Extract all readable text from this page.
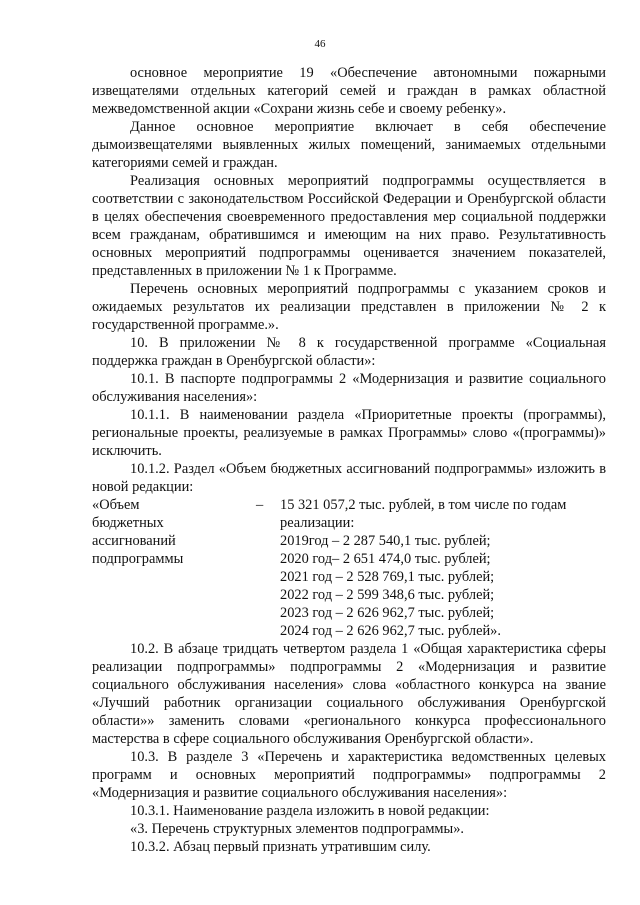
46

основное мероприятие 19 «Обеспечение автономными пожарными извещателями отдельных категорий семей и граждан в рамках областной межведомственной акции «Сохрани жизнь себе и своему ребенку».

Данное основное мероприятие включает в себя обеспечение дымоизвещателями выявленных жилых помещений, занимаемых отдельными категориями семей и граждан.

Реализация основных мероприятий подпрограммы осуществляется в соответствии с законодательством Российской Федерации и Оренбургской области в целях обеспечения своевременного предоставления мер социальной поддержки всем гражданам, обратившимся и имеющим на них право. Результативность основных мероприятий подпрограммы оценивается значением показателей, представленных в приложении № 1 к Программе.

Перечень основных мероприятий подпрограммы с указанием сроков и ожидаемых результатов их реализации представлен в приложении № 2 к государственной программе.».

10. В приложении № 8 к государственной программе «Социальная поддержка граждан в Оренбургской области»:

10.1. В паспорте подпрограммы 2 «Модернизация и развитие социального обслуживания населения»:

10.1.1. В наименовании раздела «Приоритетные проекты (программы), региональные проекты, реализуемые в рамках Программы» слово «(программы)» исключить.

10.1.2. Раздел «Объем бюджетных ассигнований подпрограммы» изложить в новой редакции:

«Объем
бюджетных
ассигнований
подпрограммы
–	15 321 057,2 тыс. рублей, в том числе по годам
реализации:
2019год – 2 287 540,1 тыс. рублей;
2020 год– 2 651 474,0 тыс. рублей;
2021 год – 2 528 769,1 тыс. рублей;
2022 год – 2 599 348,6 тыс. рублей;
2023 год – 2 626 962,7 тыс. рублей;
2024 год – 2 626 962,7 тыс. рублей».

10.2. В абзаце тридцать четвертом раздела 1 «Общая характеристика сферы реализации подпрограммы» подпрограммы 2 «Модернизация и развитие социального обслуживания населения» слова «областного конкурса на звание «Лучший работник организации социального обслуживания Оренбургской области»» заменить словами «регионального конкурса профессионального мастерства в сфере социального обслуживания Оренбургской области».

10.3. В разделе 3 «Перечень и характеристика ведомственных целевых программ и основных мероприятий подпрограммы» подпрограммы 2 «Модернизация и развитие социального обслуживания населения»:

10.3.1. Наименование раздела изложить в новой редакции:

«3. Перечень структурных элементов подпрограммы».

10.3.2. Абзац первый признать утратившим силу.
